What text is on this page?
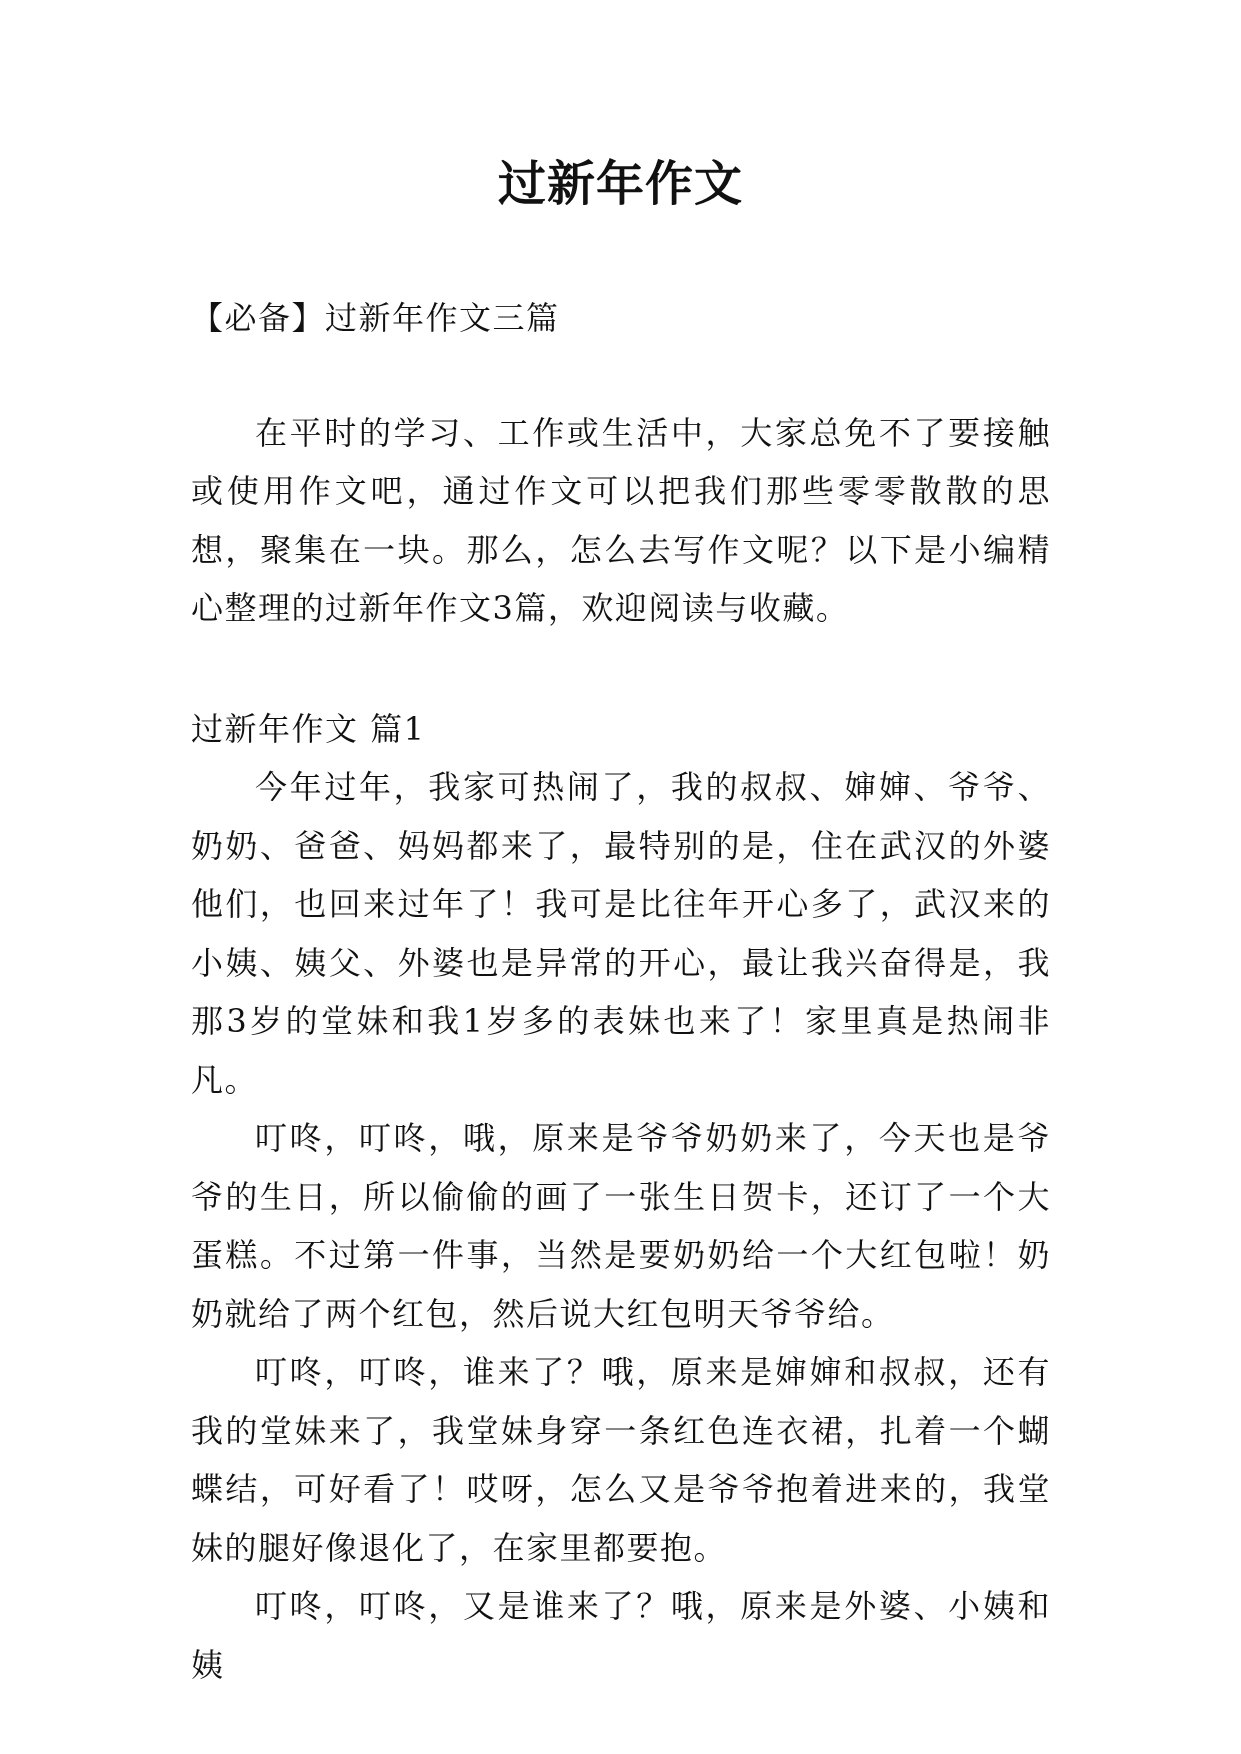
过新年作文

【必备】过新年作文三篇

在平时的学习、工作或生活中，大家总免不了要接触或使用作文吧，通过作文可以把我们那些零零散散的思想，聚集在一块。那么，怎么去写作文呢？以下是小编精心整理的过新年作文3篇，欢迎阅读与收藏。

过新年作文 篇1

今年过年，我家可热闹了，我的叔叔、婶婶、爷爷、奶奶、爸爸、妈妈都来了，最特别的是，住在武汉的外婆他们，也回来过年了！我可是比往年开心多了，武汉来的小姨、姨父、外婆也是异常的开心，最让我兴奋得是，我那3岁的堂妹和我1岁多的表妹也来了！家里真是热闹非凡。

叮咚，叮咚，哦，原来是爷爷奶奶来了，今天也是爷爷的生日，所以偷偷的画了一张生日贺卡，还订了一个大蛋糕。不过第一件事，当然是要奶奶给一个大红包啦！奶奶就给了两个红包，然后说大红包明天爷爷给。

叮咚，叮咚，谁来了？哦，原来是婶婶和叔叔，还有我的堂妹来了，我堂妹身穿一条红色连衣裙，扎着一个蝴蝶结，可好看了！哎呀，怎么又是爷爷抱着进来的，我堂妹的腿好像退化了，在家里都要抱。

叮咚，叮咚，又是谁来了？哦，原来是外婆、小姨和姨
